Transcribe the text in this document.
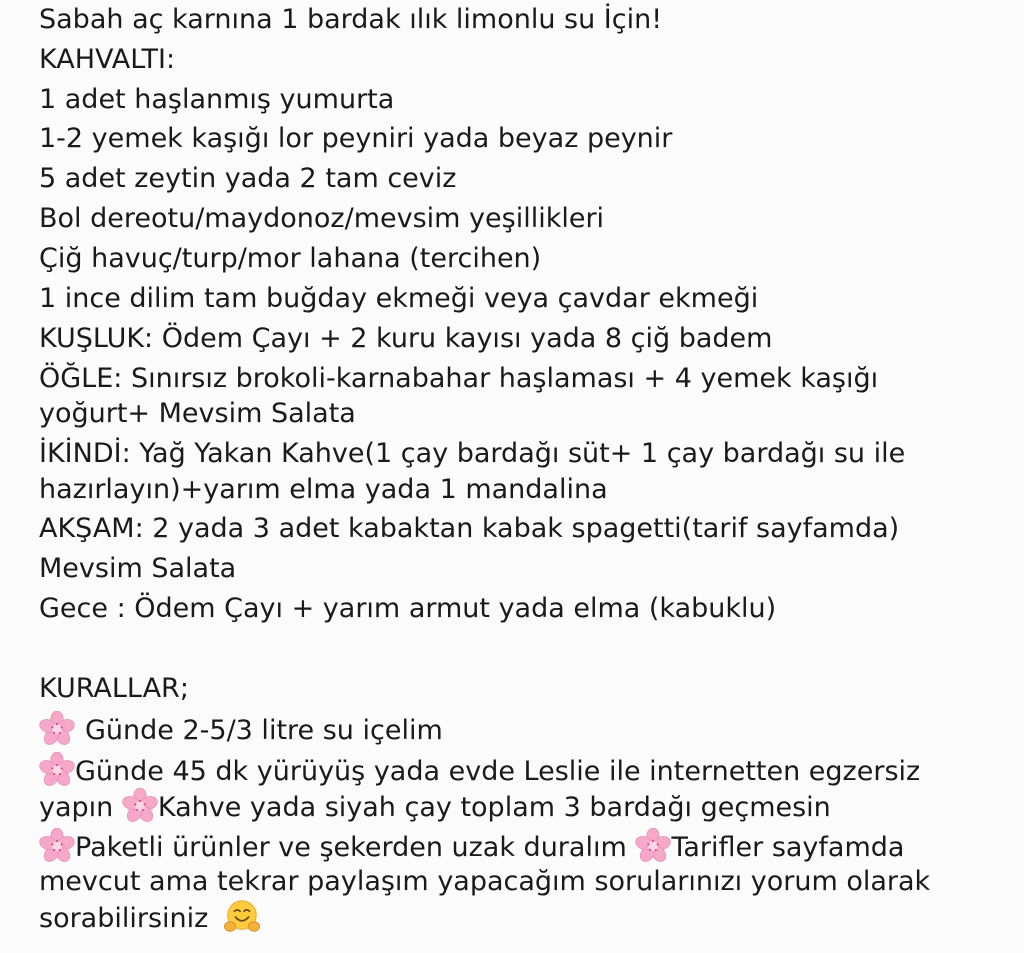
Sabah aç karnına 1 bardak ılık limonlu su İçin!
KAHVALTI:
1 adet haşlanmış yumurta
1-2 yemek kaşığı lor peyniri yada beyaz peynir
5 adet zeytin yada 2 tam ceviz
Bol dereotu/maydonoz/mevsim yeşillikleri
Çiğ havuç/turp/mor lahana (tercihen)
1 ince dilim tam buğday ekmeği veya çavdar ekmeği
KUŞLUK: Ödem Çayı + 2 kuru kayısı yada 8 çiğ badem
ÖĞLE: Sınırsız brokoli-karnabahar haşlaması + 4 yemek kaşığı
yoğurt+ Mevsim Salata
İKİNDİ: Yağ Yakan Kahve(1 çay bardağı süt+ 1 çay bardağı su ile
hazırlayın)+yarım elma yada 1 mandalina
AKŞAM: 2 yada 3 adet kabaktan kabak spagetti(tarif sayfamda)
Mevsim Salata
Gece : Ödem Çayı + yarım armut yada elma (kabuklu)
KURALLAR;
Günde 2-5/3 litre su içelim
Günde 45 dk yürüyüş yada evde Leslie ile internetten egzersiz
yapın Kahve yada siyah çay toplam 3 bardağı geçmesin
Paketli ürünler ve şekerden uzak duralım Tarifler sayfamda
mevcut ama tekrar paylaşım yapacağım sorularınızı yorum olarak
sorabilirsiniz
